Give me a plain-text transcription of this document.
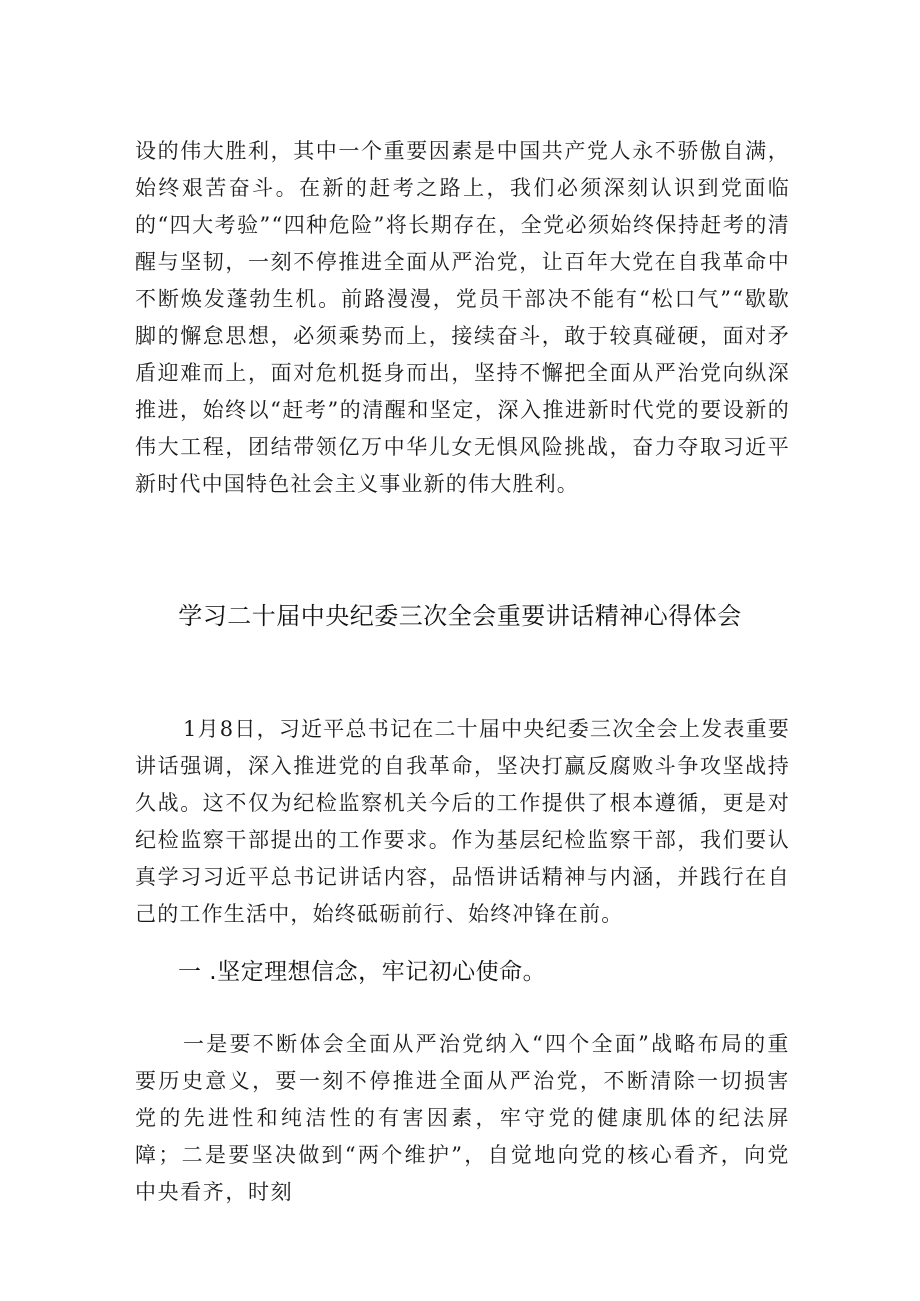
设的伟大胜利，其中一个重要因素是中国共产党人永不骄傲自满，始终艰苦奋斗。在新的赶考之路上，我们必须深刻认识到党面临的“四大考验”“四种危险”将长期存在，全党必须始终保持赶考的清醒与坚韧，一刻不停推进全面从严治党，让百年大党在自我革命中不断焕发蓬勃生机。前路漫漫，党员干部决不能有“松口气”“歇歇脚的懈怠思想，必须乘势而上，接续奋斗，敢于较真碰硬，面对矛盾迎难而上，面对危机挺身而出，坚持不懈把全面从严治党向纵深推进，始终以“赶考”的清醒和坚定，深入推进新时代党的要设新的伟大工程，团结带领亿万中华儿女无惧风险挑战，奋力夺取习近平新时代中国特色社会主义事业新的伟大胜利。

学习二十届中央纪委三次全会重要讲话精神心得体会

1月8日，习近平总书记在二十届中央纪委三次全会上发表重要讲话强调，深入推进党的自我革命，坚决打赢反腐败斗争攻坚战持久战。这不仅为纪检监察机关今后的工作提供了根本遵循，更是对纪检监察干部提出的工作要求。作为基层纪检监察干部，我们要认真学习习近平总书记讲话内容，品悟讲话精神与内涵，并践行在自己的工作生活中，始终砥砺前行、始终冲锋在前。

一 .坚定理想信念，牢记初心使命。

一是要不断体会全面从严治党纳入“四个全面”战略布局的重要历史意义，要一刻不停推进全面从严治党，不断清除一切损害党的先进性和纯洁性的有害因素，牢守党的健康肌体的纪法屏障；二是要坚决做到“两个维护”，自觉地向党的核心看齐，向党中央看齐，时刻
